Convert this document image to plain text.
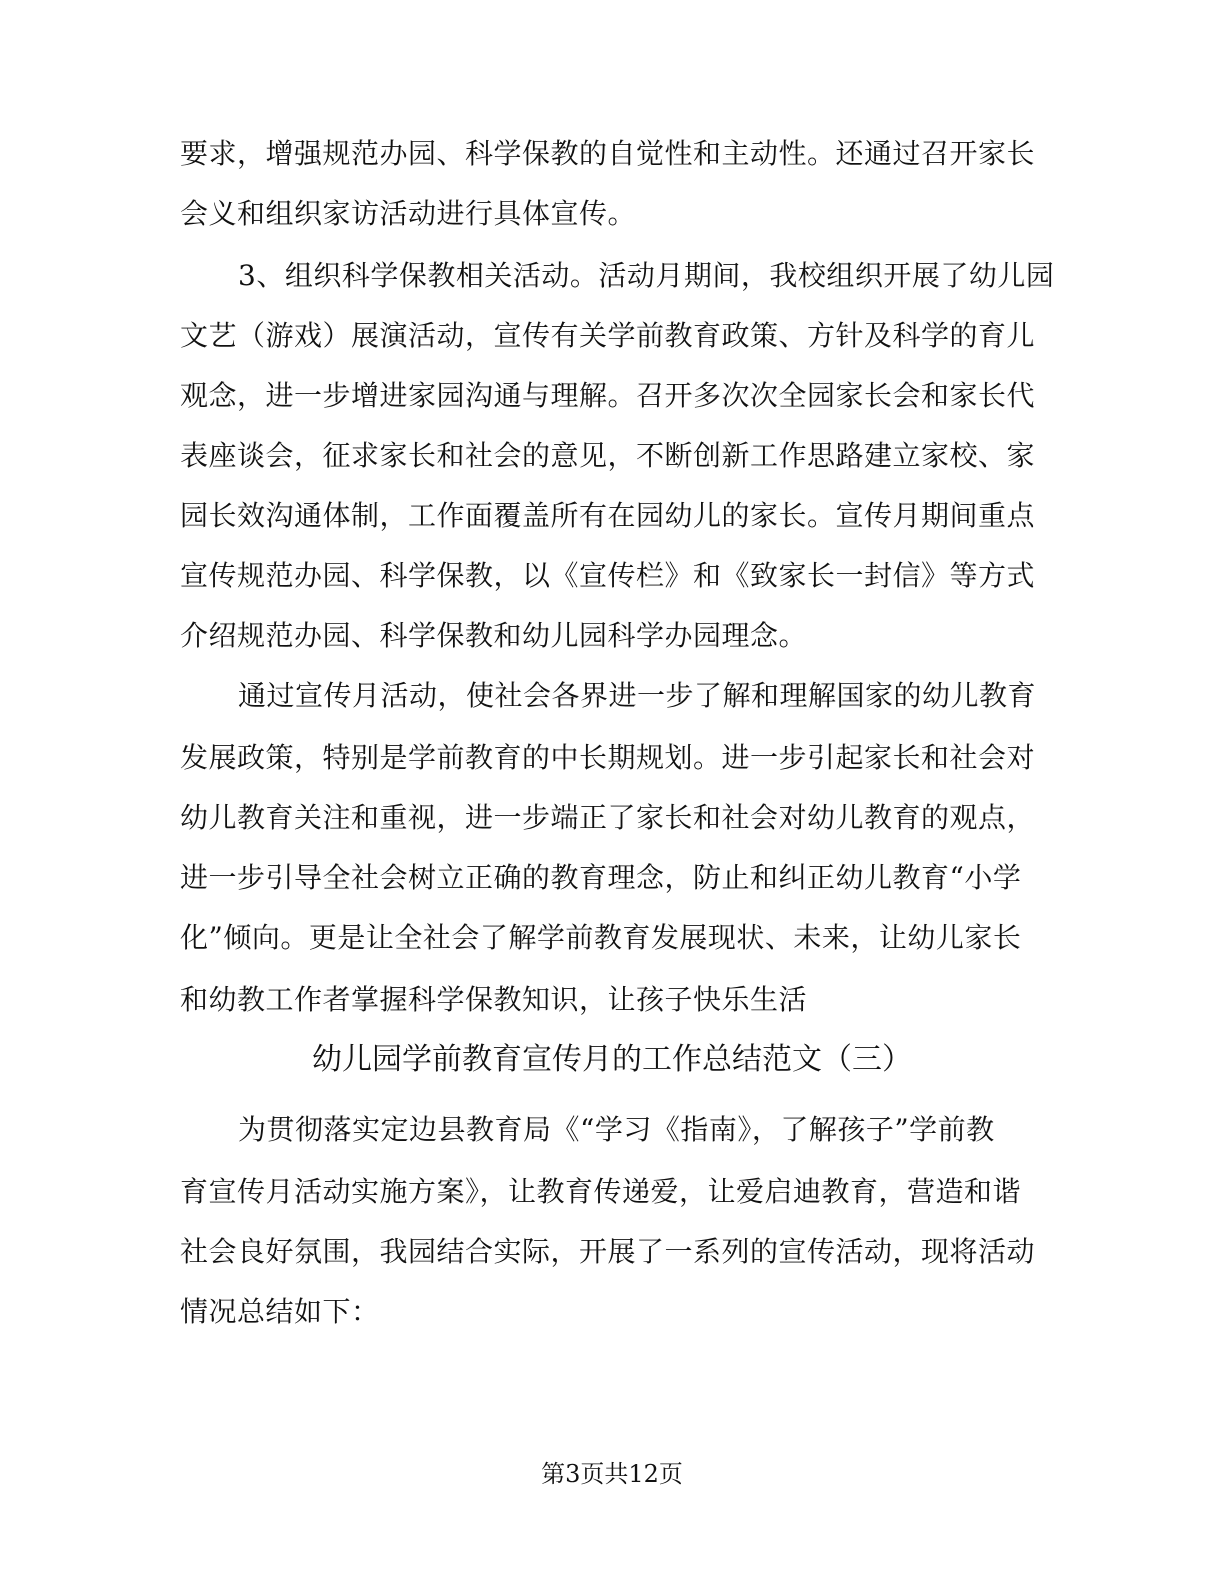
要求，增强规范办园、科学保教的自觉性和主动性。还通过召开家长
会义和组织家访活动进行具体宣传。
3、组织科学保教相关活动。活动月期间，我校组织开展了幼儿园
文艺（游戏）展演活动，宣传有关学前教育政策、方针及科学的育儿
观念，进一步增进家园沟通与理解。召开多次次全园家长会和家长代
表座谈会，征求家长和社会的意见，不断创新工作思路建立家校、家
园长效沟通体制，工作面覆盖所有在园幼儿的家长。宣传月期间重点
宣传规范办园、科学保教，以《宣传栏》和《致家长一封信》等方式
介绍规范办园、科学保教和幼儿园科学办园理念。
通过宣传月活动，使社会各界进一步了解和理解国家的幼儿教育
发展政策，特别是学前教育的中长期规划。进一步引起家长和社会对
幼儿教育关注和重视，进一步端正了家长和社会对幼儿教育的观点，
进一步引导全社会树立正确的教育理念，防止和纠正幼儿教育“小学
化”倾向。更是让全社会了解学前教育发展现状、未来，让幼儿家长
和幼教工作者掌握科学保教知识，让孩子快乐生活
幼儿园学前教育宣传月的工作总结范文（三）
为贯彻落实定边县教育局《“学习《指南》，了解孩子”学前教
育宣传月活动实施方案》，让教育传递爱，让爱启迪教育，营造和谐
社会良好氛围，我园结合实际，开展了一系列的宣传活动，现将活动
情况总结如下：
第3页共12页
